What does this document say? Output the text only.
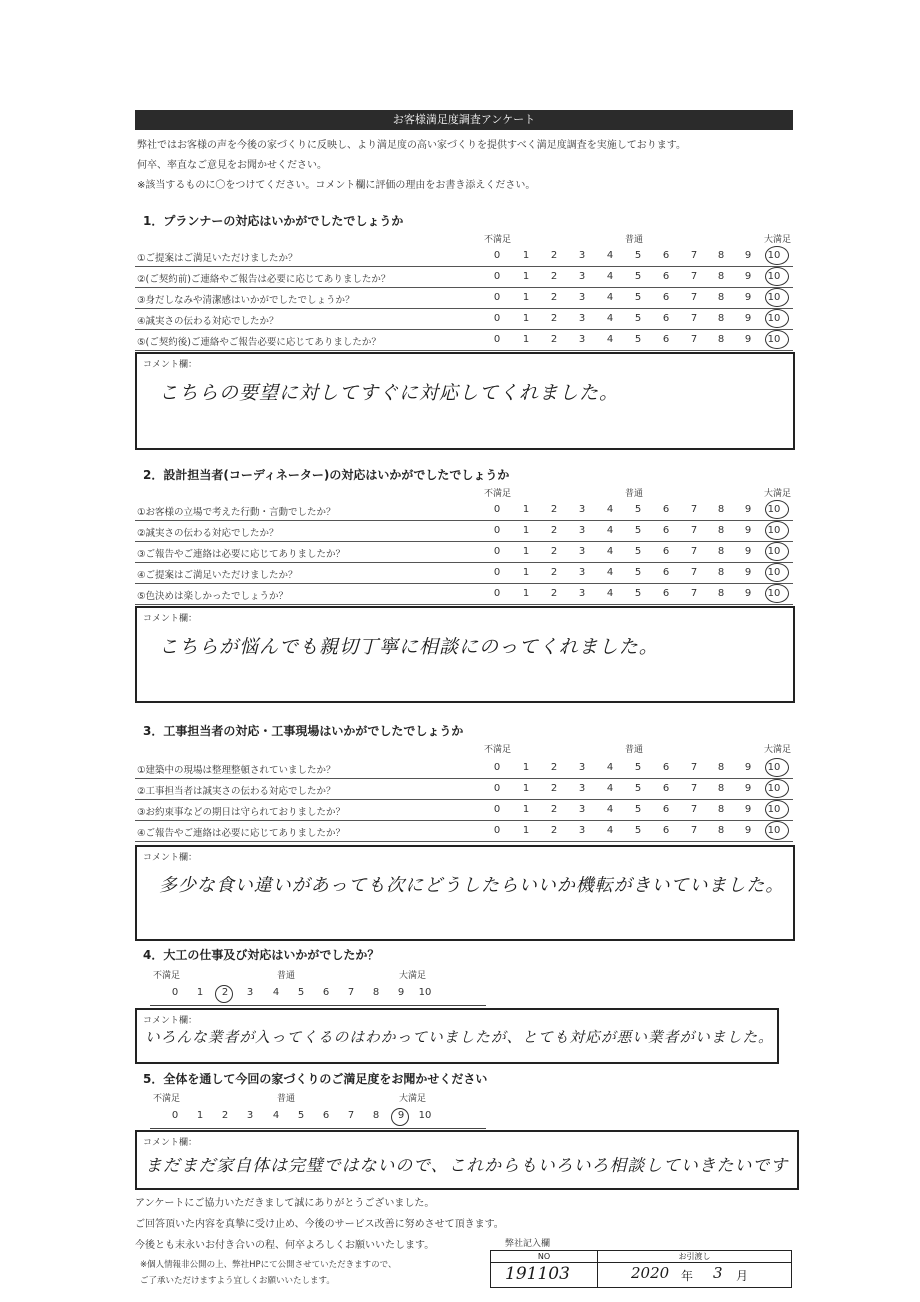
お客様満足度調査アンケート
弊社ではお客様の声を今後の家づくりに反映し、より満足度の高い家づくりを提供すべく満足度調査を実施しております。
何卒、率直なご意見をお聞かせください。
※該当するものに〇をつけてください。コメント欄に評価の理由をお書き添えください。
アンケートにご協力いただきまして誠にありがとうございました。
ご回答頂いた内容を真摯に受け止め、今後のサービス改善に努めさせて頂きます。
今後とも末永いお付き合いの程、何卒よろしくお願いいたします。
※個人情報非公開の上、弊社HPにて公開させていただきますので、
ご了承いただけますよう宜しくお願いいたします。
弊社記入欄
NO	お引渡し
191103	2020 年 3 月
1．プランナーの対応はいかがでしたでしょうか
不満足	普通	大満足
①ご提案はご満足いただけましたか？	0	1	2	3	4	5	6	7	8	9	10
②(ご契約前)ご連絡やご報告は必要に応じてありましたか？	0	1	2	3	4	5	6	7	8	9	10
③身だしなみや清潔感はいかがでしたでしょうか？	0	1	2	3	4	5	6	7	8	9	10
④誠実さの伝わる対応でしたか？	0	1	2	3	4	5	6	7	8	9	10
⑤(ご契約後)ご連絡やご報告必要に応じてありましたか？	0	1	2	3	4	5	6	7	8	9	10
コメント欄：
こちらの要望に対してすぐに対応してくれました。
2．設計担当者(コーディネーター)の対応はいかがでしたでしょうか
不満足	普通	大満足
①お客様の立場で考えた行動・言動でしたか？	0	1	2	3	4	5	6	7	8	9	10
②誠実さの伝わる対応でしたか？	0	1	2	3	4	5	6	7	8	9	10
③ご報告やご連絡は必要に応じてありましたか？	0	1	2	3	4	5	6	7	8	9	10
④ご提案はご満足いただけましたか？	0	1	2	3	4	5	6	7	8	9	10
⑤色決めは楽しかったでしょうか？	0	1	2	3	4	5	6	7	8	9	10
コメント欄：
こちらが悩んでも親切丁寧に相談にのってくれました。
3．工事担当者の対応・工事現場はいかがでしたでしょうか
不満足	普通	大満足
①建築中の現場は整理整頓されていましたか？	0	1	2	3	4	5	6	7	8	9	10
②工事担当者は誠実さの伝わる対応でしたか？	0	1	2	3	4	5	6	7	8	9	10
③お約束事などの期日は守られておりましたか？	0	1	2	3	4	5	6	7	8	9	10
④ご報告やご連絡は必要に応じてありましたか？	0	1	2	3	4	5	6	7	8	9	10
コメント欄：
多少な食い違いがあっても次にどうしたらいいか機転がきいていました。
4．大工の仕事及び対応はいかがでしたか？
不満足	普通	大満足
0	1	2	3	4	5	6	7	8	9	10
コメント欄：
いろんな業者が入ってくるのはわかっていましたが、とても対応が悪い業者がいました。
5．全体を通して今回の家づくりのご満足度をお聞かせください
不満足	普通	大満足
0	1	2	3	4	5	6	7	8	9	10
コメント欄：
まだまだ家自体は完璧ではないので、これからもいろいろ相談していきたいです
